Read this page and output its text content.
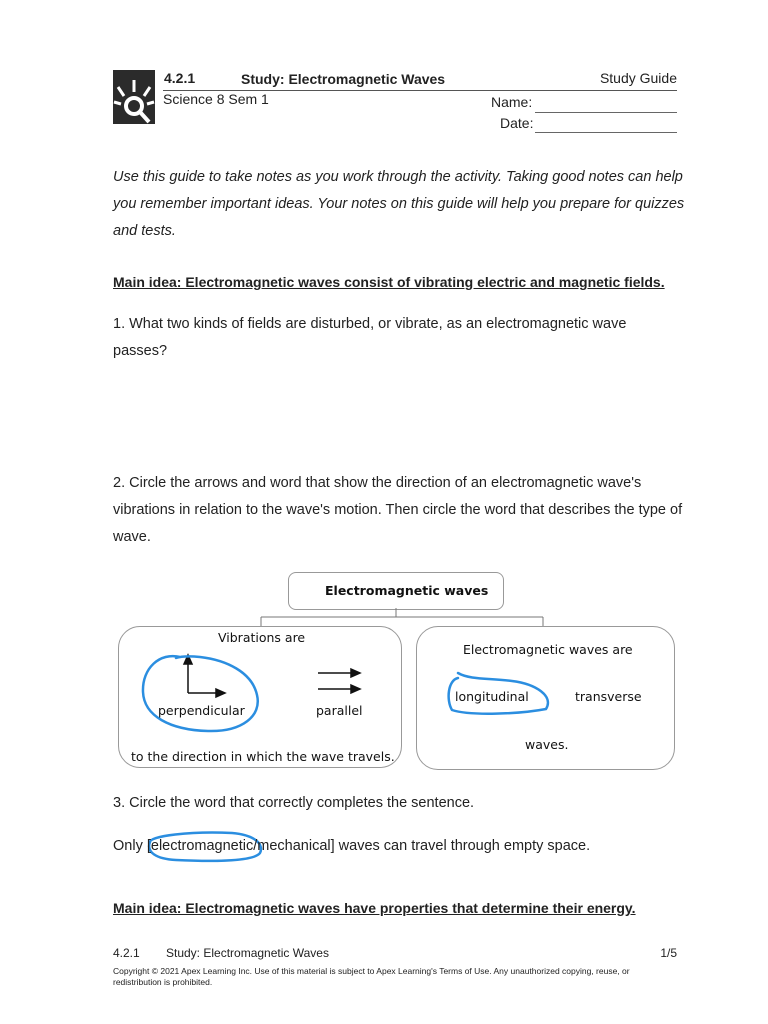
4.2.1	Study: Electromagnetic Waves	Study Guide
Science 8 Sem 1	Name:
Date:
Use this guide to take notes as you work through the activity. Taking good notes can help you remember important ideas. Your notes on this guide will help you prepare for quizzes and tests.
Main idea: Electromagnetic waves consist of vibrating electric and magnetic fields.
1. What two kinds of fields are disturbed, or vibrate, as an electromagnetic wave passes?
2. Circle the arrows and word that show the direction of an electromagnetic wave's vibrations in relation to the wave's motion. Then circle the word that describes the type of wave.
Electromagnetic waves
Vibrations are
perpendicular	parallel
to the direction in which the wave travels.
Electromagnetic waves are
longitudinal	transverse
waves.
3. Circle the word that correctly completes the sentence.
Only [electromagnetic/mechanical] waves can travel through empty space.
Main idea: Electromagnetic waves have properties that determine their energy.
4.2.1 Study: Electromagnetic Waves	1/5
Copyright © 2021 Apex Learning Inc. Use of this material is subject to Apex Learning's Terms of Use. Any unauthorized copying, reuse, or redistribution is prohibited.
